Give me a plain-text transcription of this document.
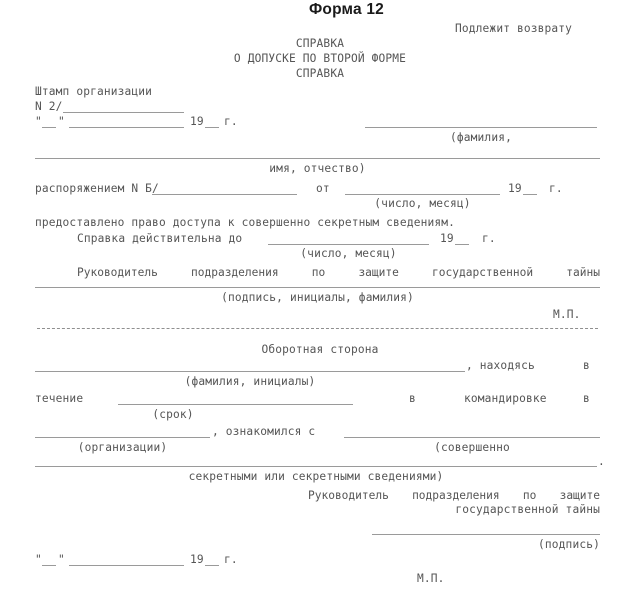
Форма 12
Подлежит возврату
СПРАВКА
О ДОПУСКЕ ПО ВТОРОЙ ФОРМЕ
СПРАВКА
Штамп организации
N 2/
" "	19 г.
(фамилия,
имя, отчество)
распоряжением N Б/	от	19 г.
(число, месяц)
предоставлено право доступа к совершенно секретным сведениям.
Справка действительна до	19	г.
(число, месяц)
Руководитель	подразделения	по	защите	государственной	тайны
(подпись, инициалы, фамилия)
М.П.
Оборотная сторона
, находясь	в
(фамилия, инициалы)
течение	в	командировке	в
(срок)
, ознакомился с
(организации)	(совершенно
.
секретными или секретными сведениями)
Руководитель подразделения по защите
государственной тайны
(подпись)
" "	19 г.
М.П.
